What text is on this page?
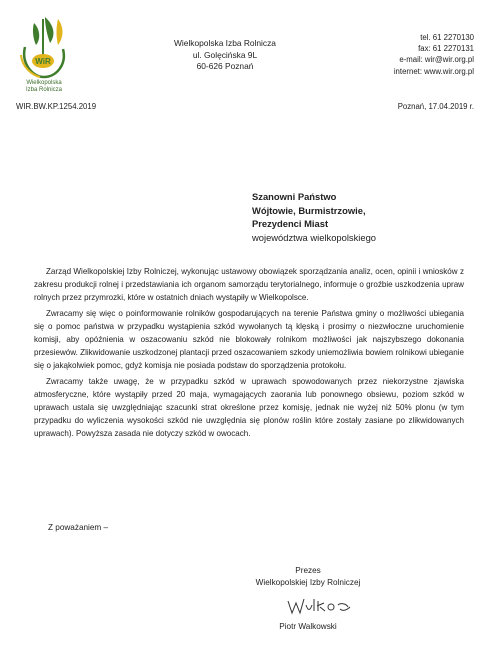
WiR
Wielkopolska
Izba Rolnicza
Wielkopolska Izba Rolnicza
ul. Golęcińska 9L
60-626 Poznań
tel. 61 2270130
fax: 61 2270131
e-mail: wir@wir.org.pl
internet: www.wir.org.pl
WIR.BW.KP.1254.2019	Poznań, 17.04.2019 r.
Szanowni Państwo
Wójtowie, Burmistrzowie,
Prezydenci Miast
województwa wielkopolskiego

Zarząd Wielkopolskiej Izby Rolniczej, wykonując ustawowy obowiązek sporządzania analiz, ocen, opinii i wniosków z zakresu produkcji rolnej i przedstawiania ich organom samorządu terytorialnego, informuje o groźbie uszkodzenia upraw rolnych przez przymrozki, które w ostatnich dniach wystąpiły w Wielkopolsce.

Zwracamy się więc o poinformowanie rolników gospodarujących na terenie Państwa gminy o możliwości ubiegania się o pomoc państwa w przypadku wystąpienia szkód wywołanych tą klęską i prosimy o niezwłoczne uruchomienie komisji, aby opóźnienia w oszacowaniu szkód nie blokowały rolnikom możliwości jak najszybszego dokonania przesiewów. Zlikwidowanie uszkodzonej plantacji przed oszacowaniem szkody uniemożliwia bowiem rolnikowi ubieganie się o jakąkolwiek pomoc, gdyż komisja nie posiada podstaw do sporządzenia protokołu.

Zwracamy także uwagę, że w przypadku szkód w uprawach spowodowanych przez niekorzystne zjawiska atmosferyczne, które wystąpiły przed 20 maja, wymagających zaorania lub ponownego obsiewu, poziom szkód w uprawach ustala się uwzględniając szacunki strat określone przez komisję, jednak nie wyżej niż 50% plonu (w tym przypadku do wyliczenia wysokości szkód nie uwzględnia się plonów roślin które zostały zasiane po zlikwidowanych uprawach). Powyższa zasada nie dotyczy szkód w owocach.

Z poważaniem –
Prezes
Wielkopolskiej Izby Rolniczej
Piotr Walkowski
